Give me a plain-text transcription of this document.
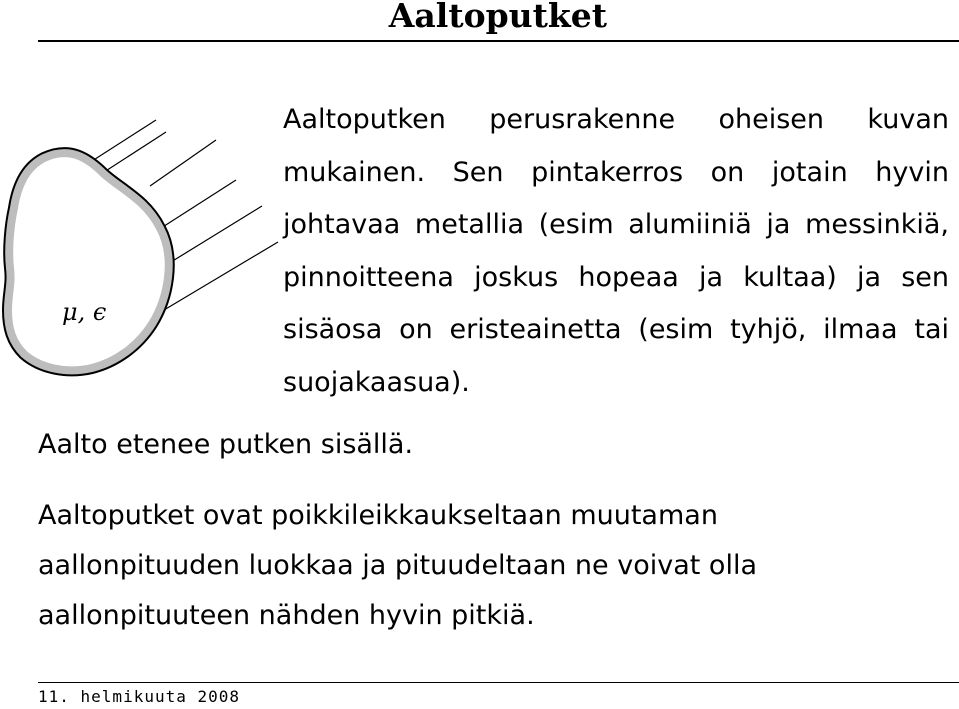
Aaltoputket
μ, ϵ
Aaltoputken perusrakenne oheisen kuvan mukainen. Sen pintakerros on jotain hyvin johtavaa metallia (esim alumiiniä ja messinkiä, pinnoitteena joskus hopeaa ja kultaa) ja sen sisäosa on eristeainetta (esim tyhjö, ilmaa tai suojakaasua).
Aalto etenee putken sisällä.
Aaltoputket ovat poikkileikkaukseltaan muutaman aallonpituuden luokkaa ja pituudeltaan ne voivat olla aallonpituuteen nähden hyvin pitkiä.
11. helmikuuta 2008
